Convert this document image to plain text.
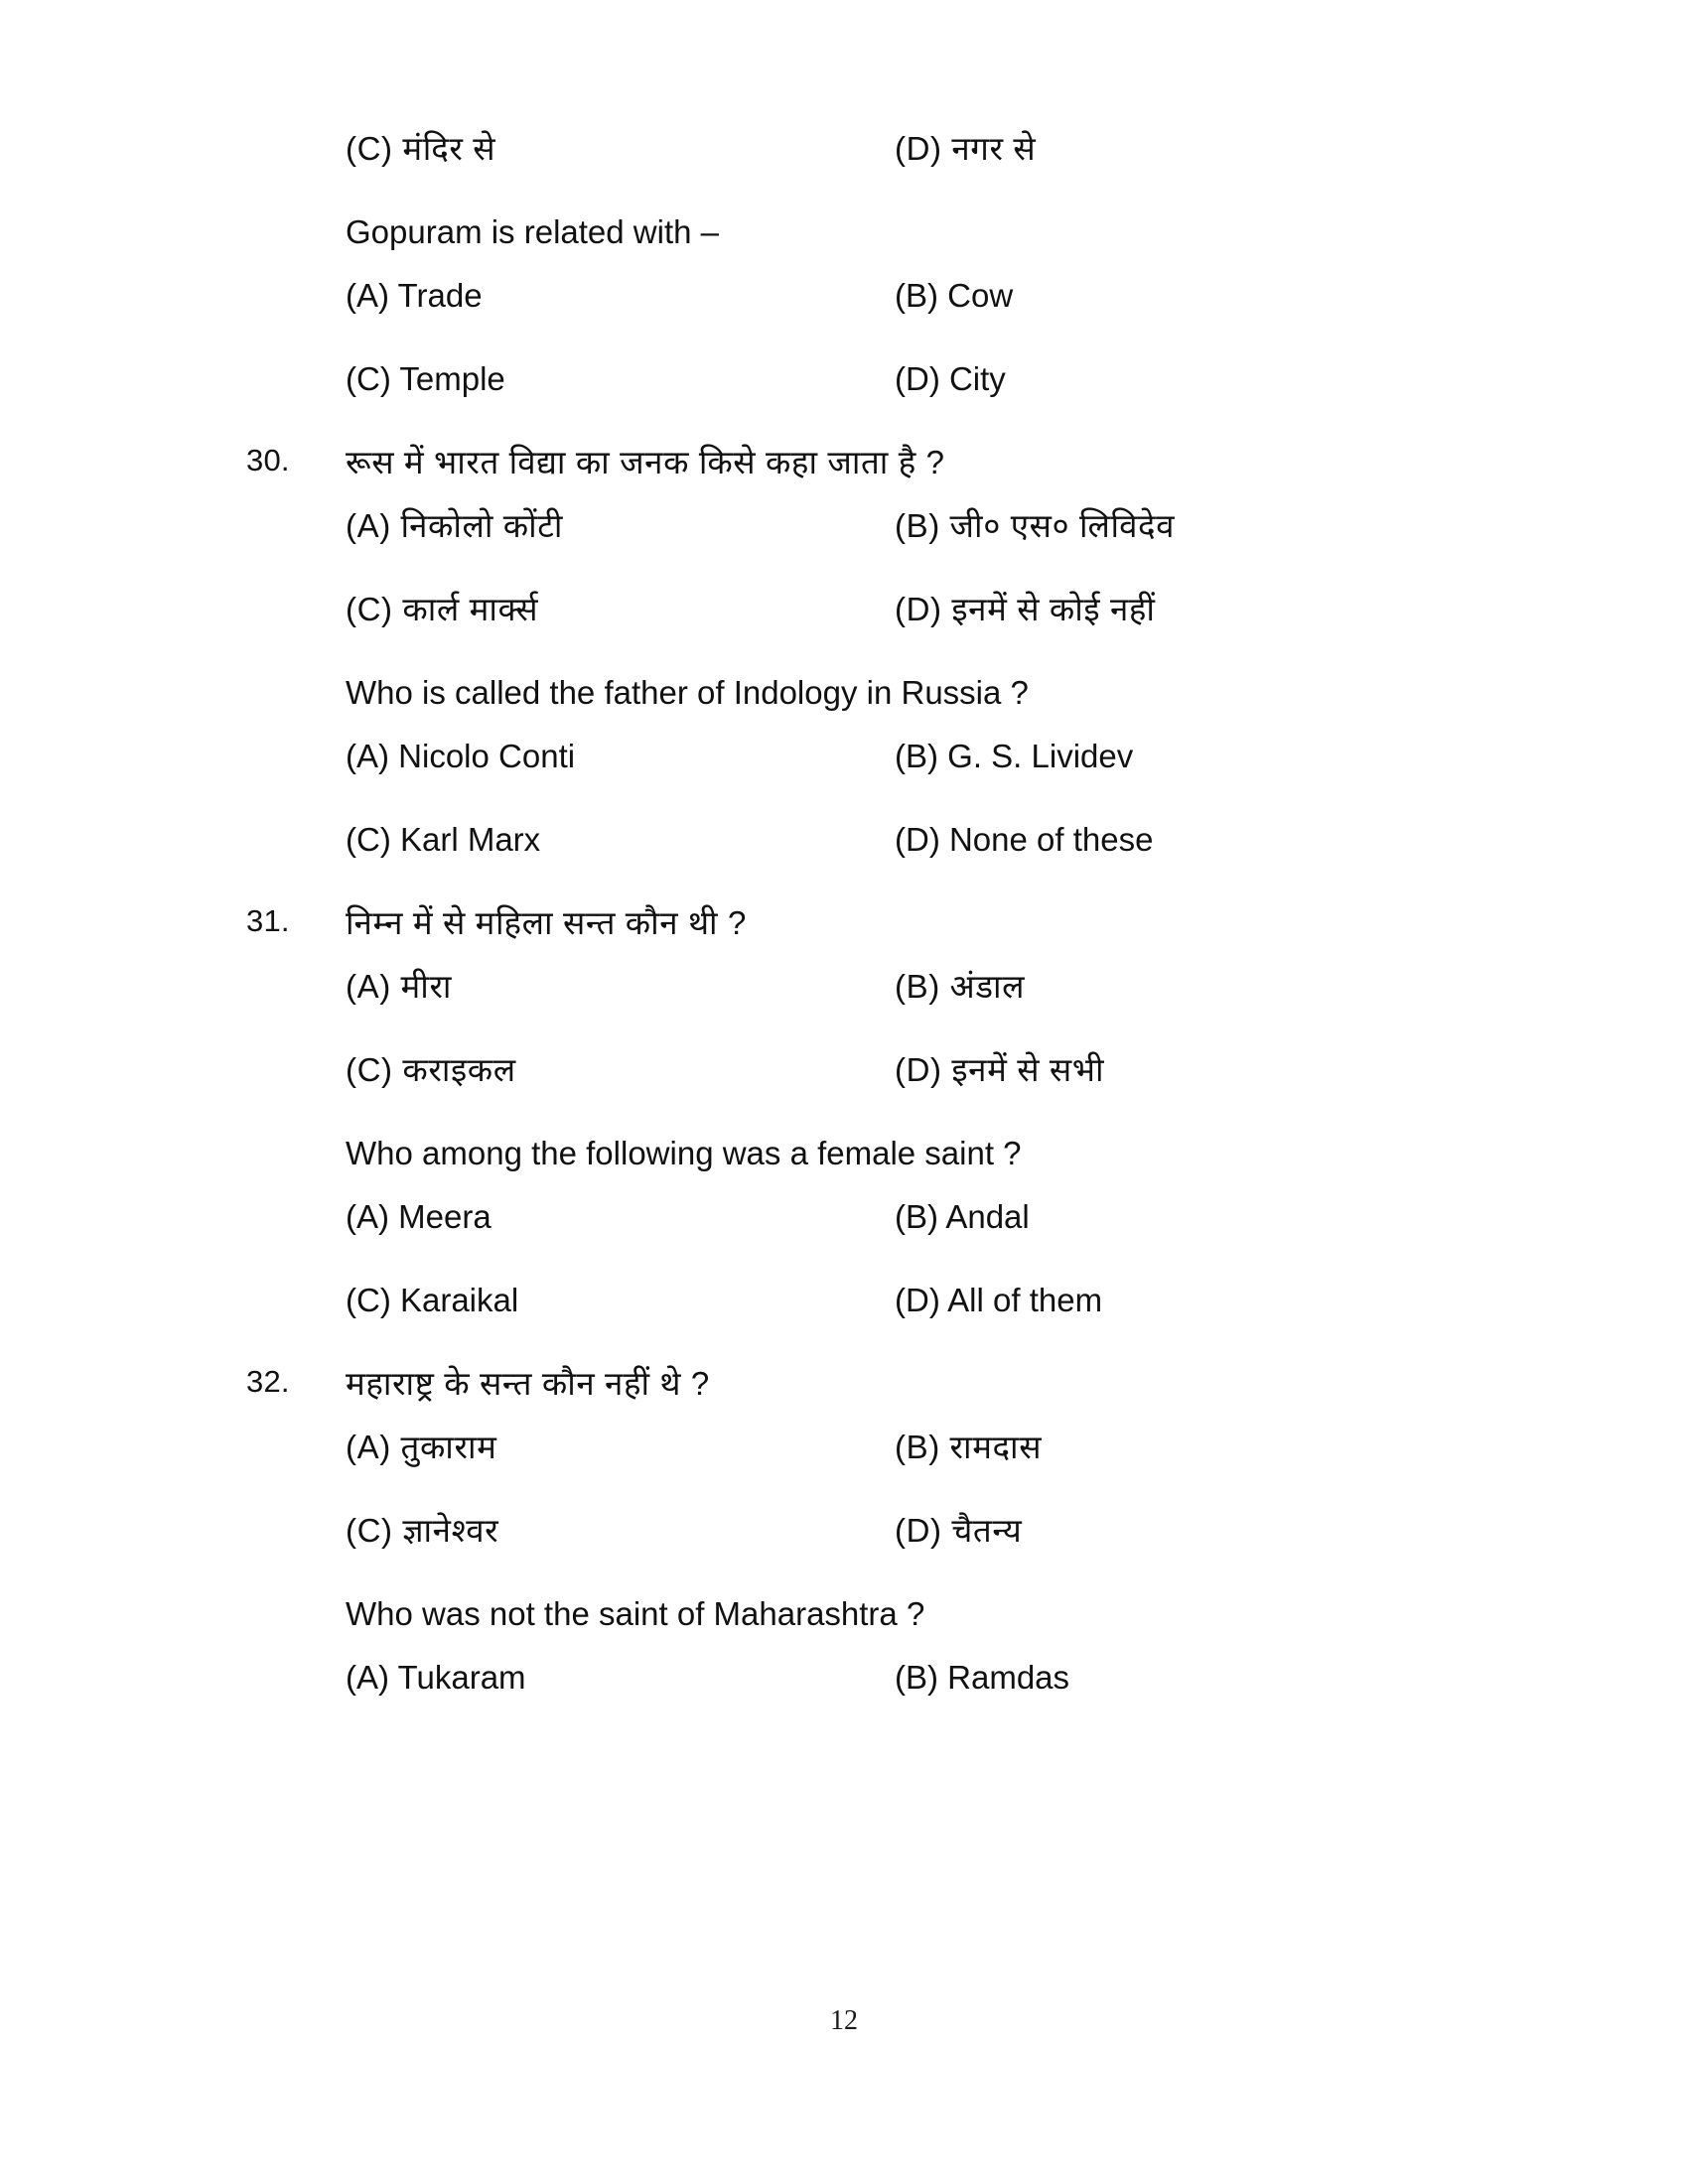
(C) मंदिर से	(D) नगर से
Gopuram is related with –
(A) Trade	(B) Cow
(C) Temple	(D) City
30.	रूस में भारत विद्या का जनक किसे कहा जाता है ?
(A) निकोलो कोंटी	(B) जी० एस० लिविदेव
(C) कार्ल मार्क्स	(D) इनमें से कोई नहीं
Who is called the father of Indology in Russia ?
(A) Nicolo Conti	(B) G. S. Lividev
(C) Karl Marx	(D) None of these
31.	निम्न में से महिला सन्त कौन थी ?
(A) मीरा	(B) अंडाल
(C) कराइकल	(D) इनमें से सभी
Who among the following was a female saint ?
(A) Meera	(B) Andal
(C) Karaikal	(D) All of them
32.	महाराष्ट्र के सन्त कौन नहीं थे ?
(A) तुकाराम	(B) रामदास
(C) ज्ञानेश्वर	(D) चैतन्य
Who was not the saint of Maharashtra ?
(A) Tukaram	(B) Ramdas
12
